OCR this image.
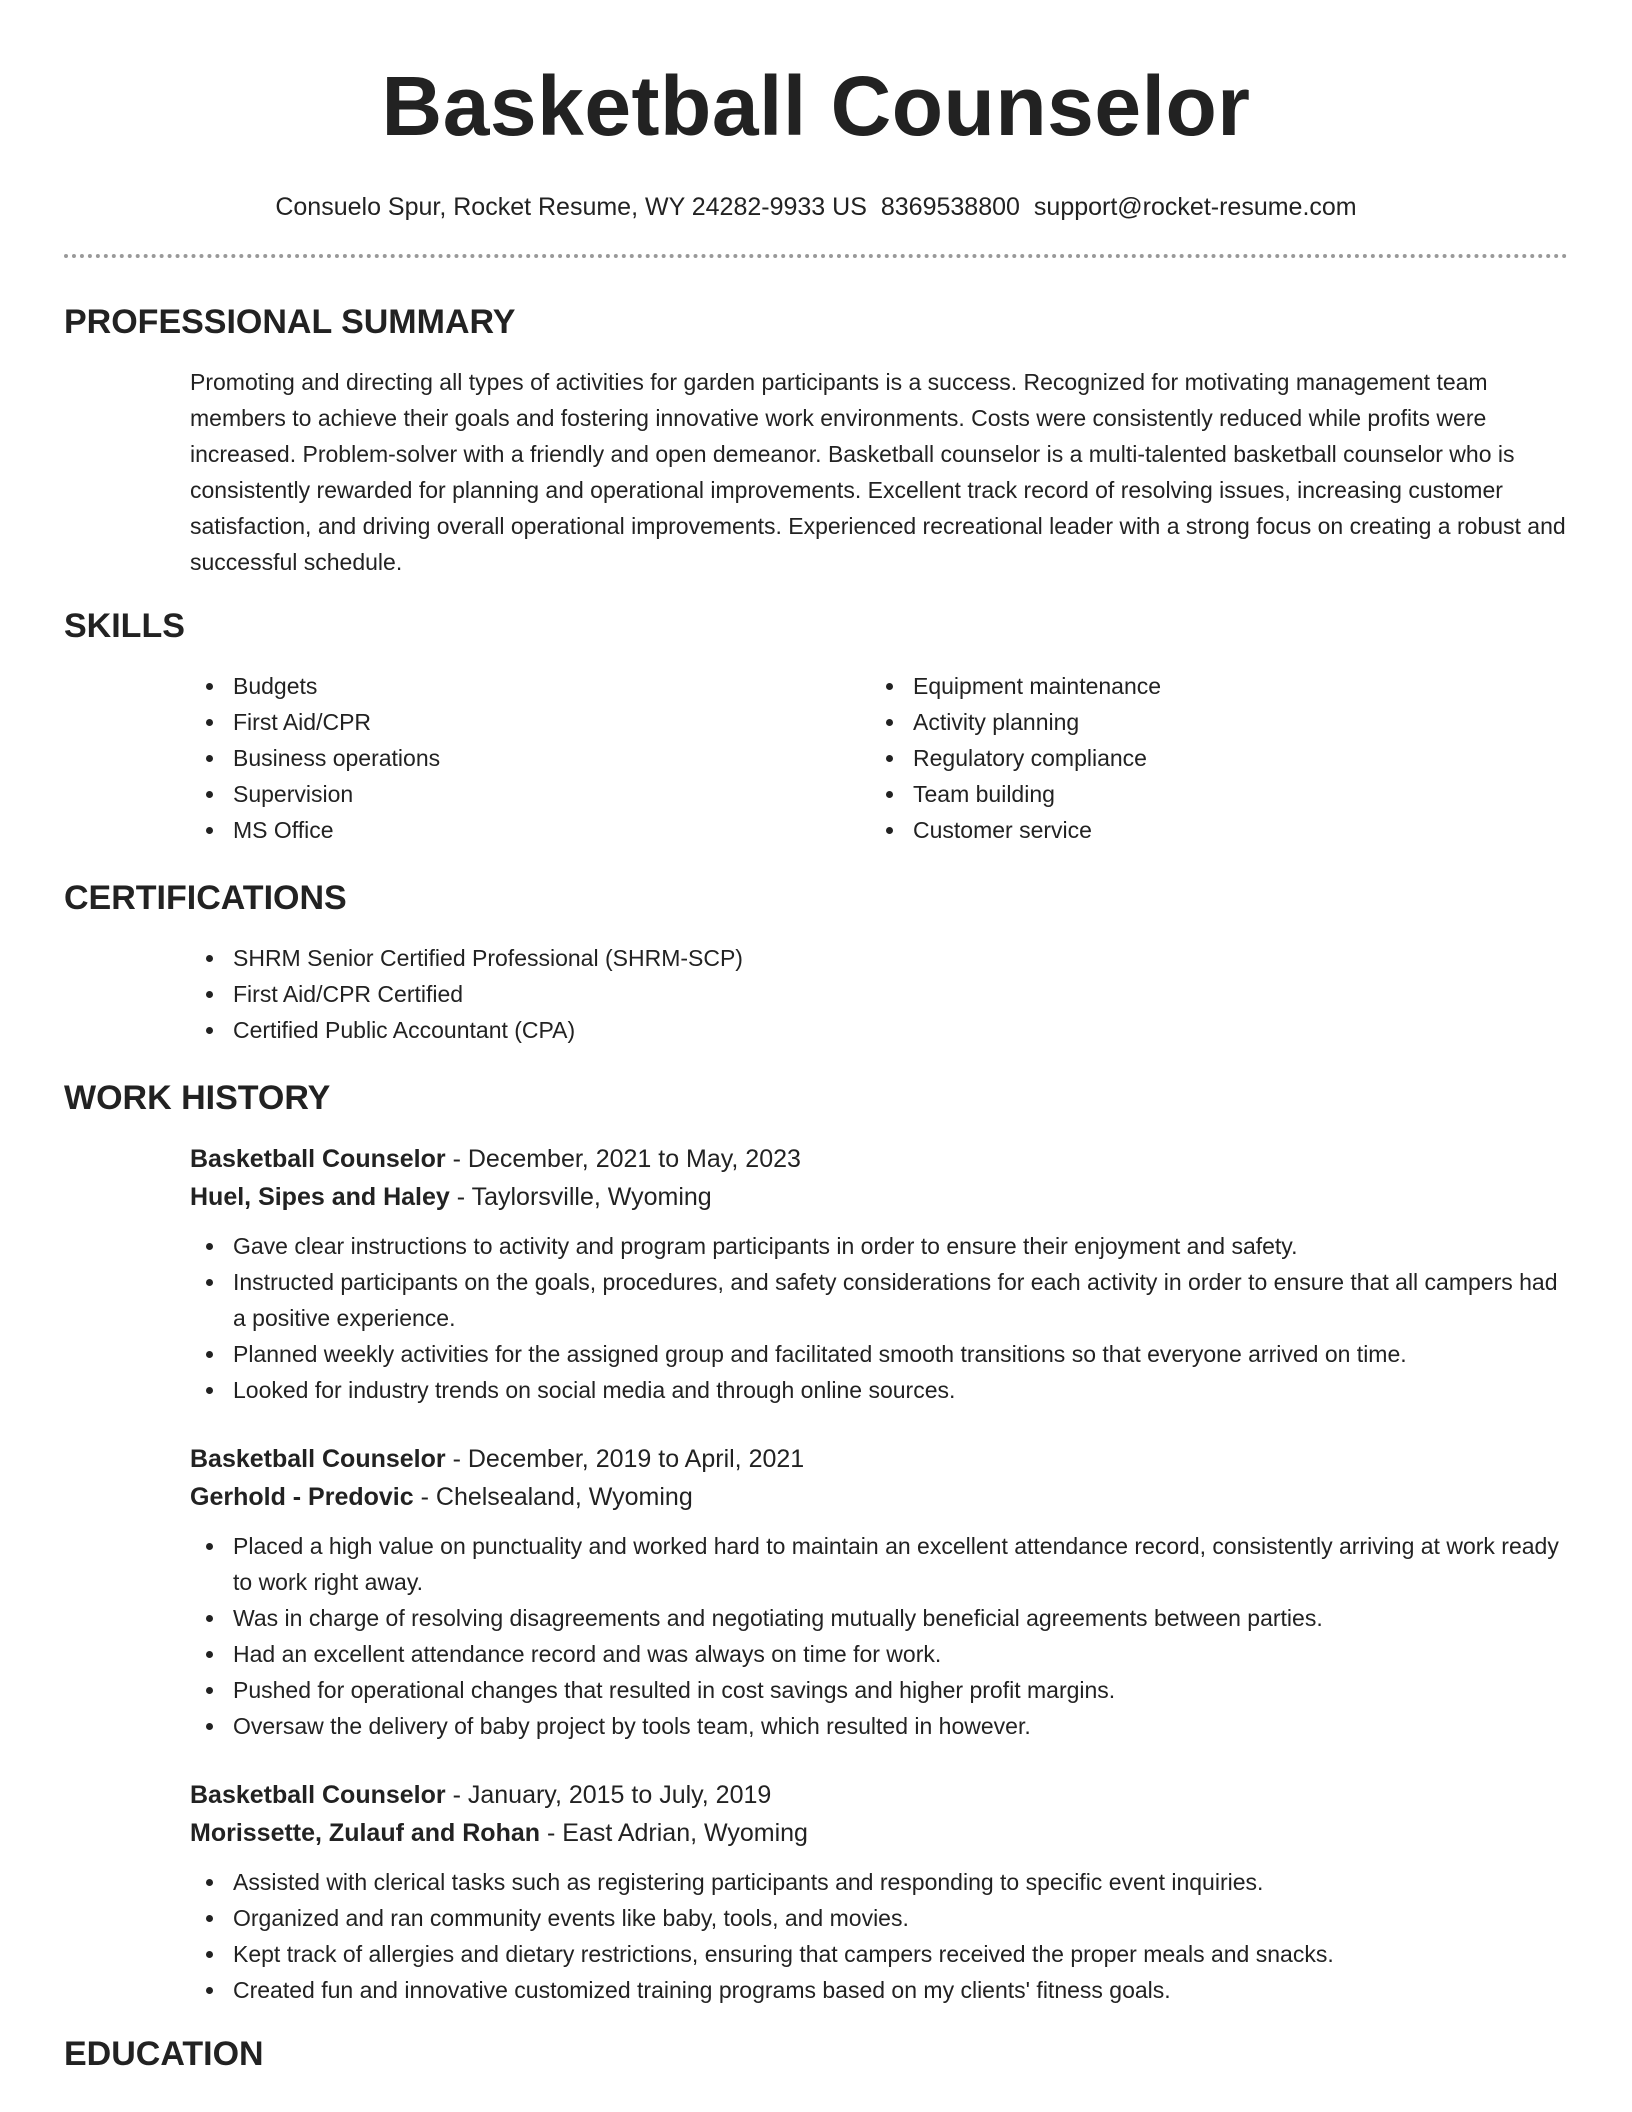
Basketball Counselor
Consuelo Spur, Rocket Resume, WY 24282-9933 US 8369538800 support@rocket-resume.com
PROFESSIONAL SUMMARY

Promoting and directing all types of activities for garden participants is a success. Recognized for motivating management team members to achieve their goals and fostering innovative work environments. Costs were consistently reduced while profits were increased. Problem-solver with a friendly and open demeanor. Basketball counselor is a multi-talented basketball counselor who is consistently rewarded for planning and operational improvements. Excellent track record of resolving issues, increasing customer satisfaction, and driving overall operational improvements. Experienced recreational leader with a strong focus on creating a robust and successful schedule.

SKILLS
Budgets
First Aid/CPR
Business operations
Supervision
MS Office
Equipment maintenance
Activity planning
Regulatory compliance
Team building
Customer service
CERTIFICATIONS
SHRM Senior Certified Professional (SHRM-SCP)
First Aid/CPR Certified
Certified Public Accountant (CPA)
WORK HISTORY
Basketball Counselor - December, 2021 to May, 2023
Huel, Sipes and Haley - Taylorsville, Wyoming
Gave clear instructions to activity and program participants in order to ensure their enjoyment and safety.
Instructed participants on the goals, procedures, and safety considerations for each activity in order to ensure that all campers had a positive experience.
Planned weekly activities for the assigned group and facilitated smooth transitions so that everyone arrived on time.
Looked for industry trends on social media and through online sources.
Basketball Counselor - December, 2019 to April, 2021
Gerhold - Predovic - Chelsealand, Wyoming
Placed a high value on punctuality and worked hard to maintain an excellent attendance record, consistently arriving at work ready to work right away.
Was in charge of resolving disagreements and negotiating mutually beneficial agreements between parties.
Had an excellent attendance record and was always on time for work.
Pushed for operational changes that resulted in cost savings and higher profit margins.
Oversaw the delivery of baby project by tools team, which resulted in however.
Basketball Counselor - January, 2015 to July, 2019
Morissette, Zulauf and Rohan - East Adrian, Wyoming
Assisted with clerical tasks such as registering participants and responding to specific event inquiries.
Organized and ran community events like baby, tools, and movies.
Kept track of allergies and dietary restrictions, ensuring that campers received the proper meals and snacks.
Created fun and innovative customized training programs based on my clients' fitness goals.
EDUCATION
